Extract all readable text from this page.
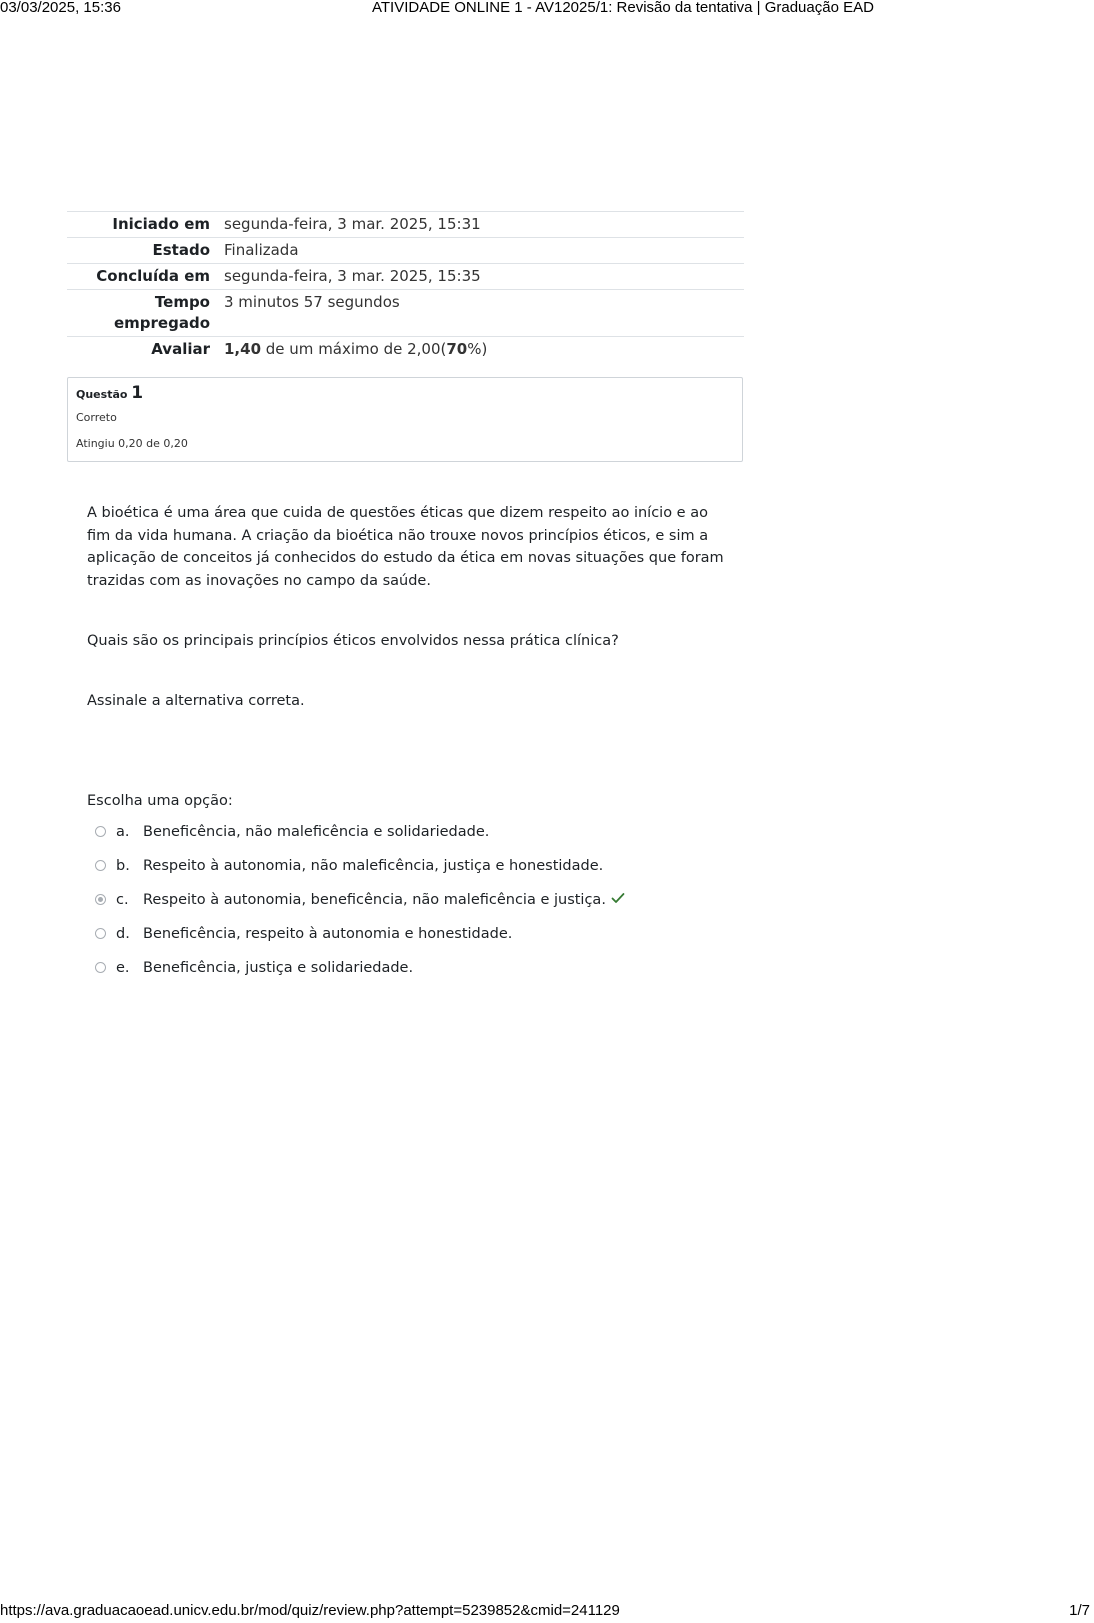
03/03/2025, 15:36	ATIVIDADE ONLINE 1 - AV12025/1: Revisão da tentativa | Graduação EAD
Iniciado em	segunda-feira, 3 mar. 2025, 15:31
Estado	Finalizada
Concluída em	segunda-feira, 3 mar. 2025, 15:35
Tempo
empregado	3 minutos 57 segundos
Avaliar	1,40 de um máximo de 2,00(70%)
Questão 1
Correto
Atingiu 0,20 de 0,20

A bioética é uma área que cuida de questões éticas que dizem respeito ao início e ao fim da vida humana. A criação da bioética não trouxe novos princípios éticos, e sim a aplicação de conceitos já conhecidos do estudo da ética em novas situações que foram trazidas com as inovações no campo da saúde.

Quais são os principais princípios éticos envolvidos nessa prática clínica?

Assinale a alternativa correta.

Escolha uma opção:
a. Beneficência, não maleficência e solidariedade.
b. Respeito à autonomia, não maleficência, justiça e honestidade.
c. Respeito à autonomia, beneficência, não maleficência e justiça.
d. Beneficência, respeito à autonomia e honestidade.
e. Beneficência, justiça e solidariedade.
https://ava.graduacaoead.unicv.edu.br/mod/quiz/review.php?attempt=5239852&cmid=241129	1/7
